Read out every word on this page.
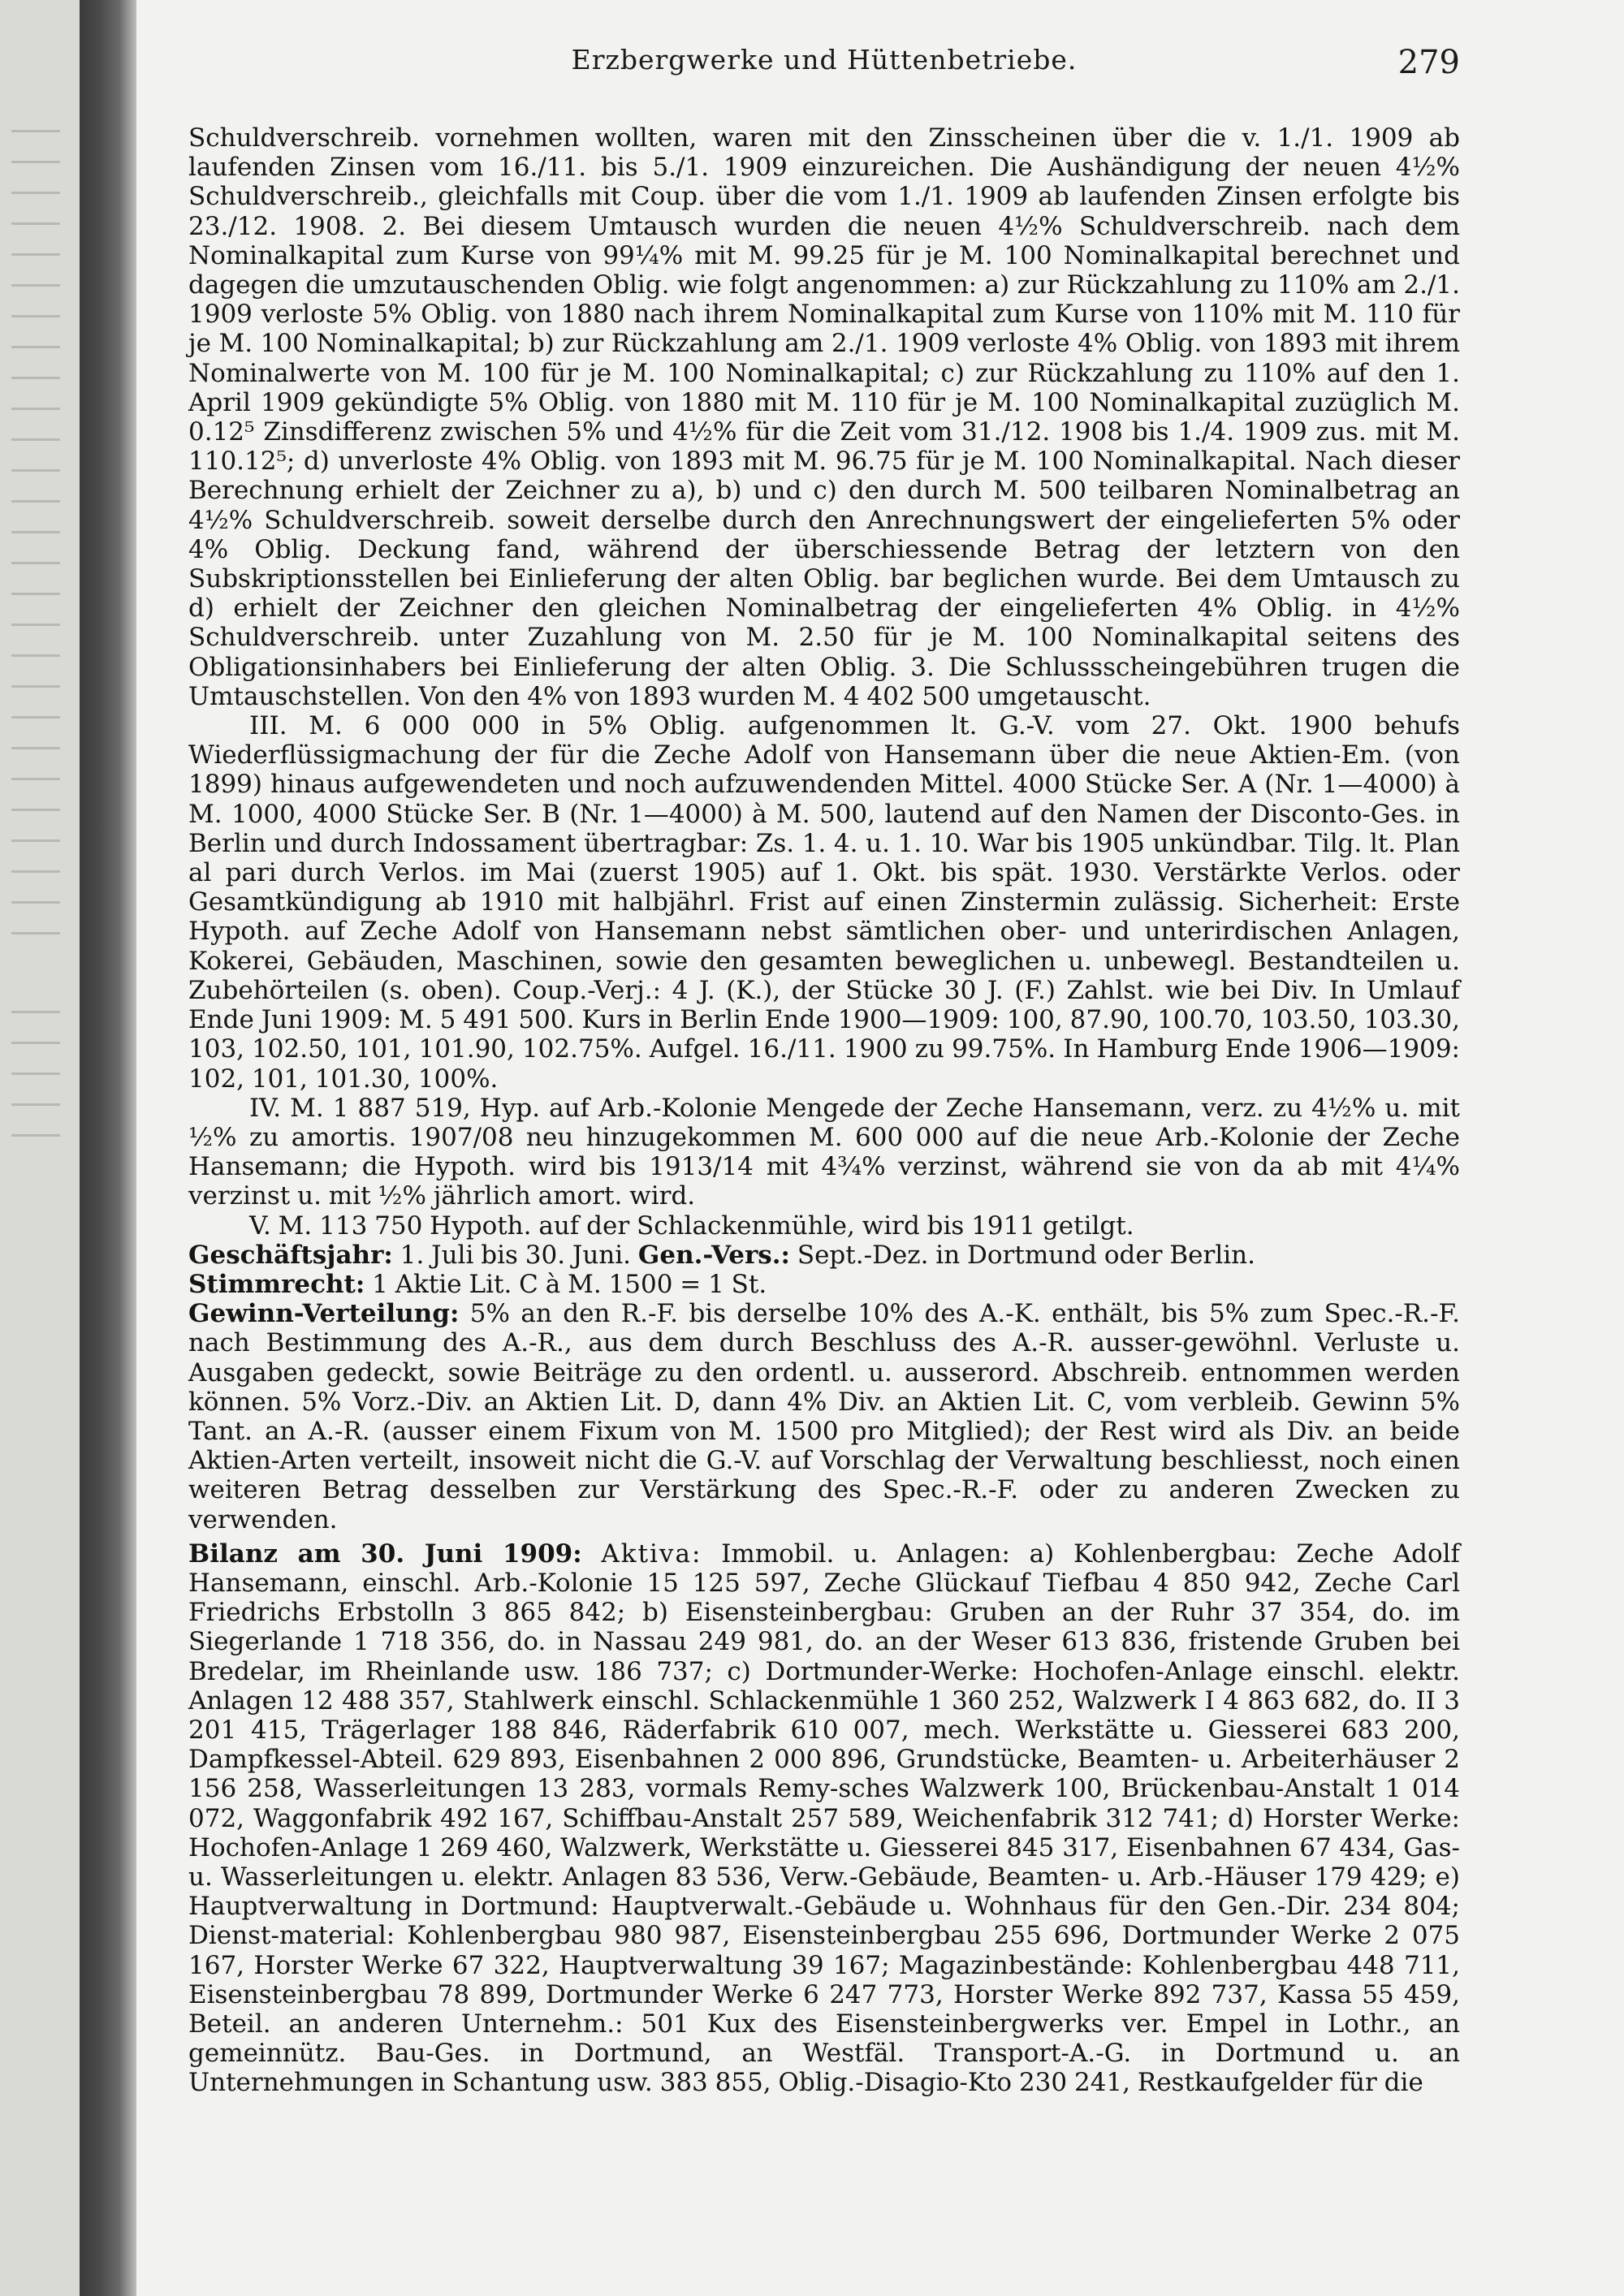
Erzbergwerke und Hüttenbetriebe.	279

Schuldverschreib. vornehmen wollten, waren mit den Zinsscheinen über die v. 1./1. 1909 ab laufenden Zinsen vom 16./11. bis 5./1. 1909 einzureichen. Die Aushändigung der neuen 4½% Schuldverschreib., gleichfalls mit Coup. über die vom 1./1. 1909 ab laufenden Zinsen erfolgte bis 23./12. 1908. 2. Bei diesem Umtausch wurden die neuen 4½% Schuldverschreib. nach dem Nominalkapital zum Kurse von 99¼% mit M. 99.25 für je M. 100 Nominalkapital berechnet und dagegen die umzutauschenden Oblig. wie folgt angenommen: a) zur Rückzahlung zu 110% am 2./1. 1909 verloste 5% Oblig. von 1880 nach ihrem Nominalkapital zum Kurse von 110% mit M. 110 für je M. 100 Nominalkapital; b) zur Rückzahlung am 2./1. 1909 verloste 4% Oblig. von 1893 mit ihrem Nominalwerte von M. 100 für je M. 100 Nominalkapital; c) zur Rückzahlung zu 110% auf den 1. April 1909 gekündigte 5% Oblig. von 1880 mit M. 110 für je M. 100 Nominalkapital zuzüglich M. 0.12⁵ Zinsdifferenz zwischen 5% und 4½% für die Zeit vom 31./12. 1908 bis 1./4. 1909 zus. mit M. 110.12⁵; d) unverloste 4% Oblig. von 1893 mit M. 96.75 für je M. 100 Nominalkapital. Nach dieser Berechnung erhielt der Zeichner zu a), b) und c) den durch M. 500 teilbaren Nominalbetrag an 4½% Schuldverschreib. soweit derselbe durch den Anrechnungswert der eingelieferten 5% oder 4% Oblig. Deckung fand, während der überschiessende Betrag der letztern von den Subskriptionsstellen bei Einlieferung der alten Oblig. bar beglichen wurde. Bei dem Umtausch zu d) erhielt der Zeichner den gleichen Nominalbetrag der eingelieferten 4% Oblig. in 4½% Schuldverschreib. unter Zuzahlung von M. 2.50 für je M. 100 Nominalkapital seitens des Obligationsinhabers bei Einlieferung der alten Oblig. 3. Die Schlussscheingebühren trugen die Umtauschstellen. Von den 4% von 1893 wurden M. 4 402 500 umgetauscht.

III. M. 6 000 000 in 5% Oblig. aufgenommen lt. G.-V. vom 27. Okt. 1900 behufs Wiederflüssigmachung der für die Zeche Adolf von Hansemann über die neue Aktien-Em. (von 1899) hinaus aufgewendeten und noch aufzuwendenden Mittel. 4000 Stücke Ser. A (Nr. 1—4000) à M. 1000, 4000 Stücke Ser. B (Nr. 1—4000) à M. 500, lautend auf den Namen der Disconto-Ges. in Berlin und durch Indossament übertragbar: Zs. 1. 4. u. 1. 10. War bis 1905 unkündbar. Tilg. lt. Plan al pari durch Verlos. im Mai (zuerst 1905) auf 1. Okt. bis spät. 1930. Verstärkte Verlos. oder Gesamtkündigung ab 1910 mit halbjährl. Frist auf einen Zinstermin zulässig. Sicherheit: Erste Hypoth. auf Zeche Adolf von Hansemann nebst sämtlichen ober- und unterirdischen Anlagen, Kokerei, Gebäuden, Maschinen, sowie den gesamten beweglichen u. unbewegl. Bestandteilen u. Zubehörteilen (s. oben). Coup.-Verj.: 4 J. (K.), der Stücke 30 J. (F.) Zahlst. wie bei Div. In Umlauf Ende Juni 1909: M. 5 491 500. Kurs in Berlin Ende 1900—1909: 100, 87.90, 100.70, 103.50, 103.30, 103, 102.50, 101, 101.90, 102.75%. Aufgel. 16./11. 1900 zu 99.75%. In Hamburg Ende 1906—1909: 102, 101, 101.30, 100%.

IV. M. 1 887 519, Hyp. auf Arb.-Kolonie Mengede der Zeche Hansemann, verz. zu 4½% u. mit ½% zu amortis. 1907/08 neu hinzugekommen M. 600 000 auf die neue Arb.-Kolonie der Zeche Hansemann; die Hypoth. wird bis 1913/14 mit 4¾% verzinst, während sie von da ab mit 4¼% verzinst u. mit ½% jährlich amort. wird.

V. M. 113 750 Hypoth. auf der Schlackenmühle, wird bis 1911 getilgt.

Geschäftsjahr: 1. Juli bis 30. Juni. Gen.-Vers.: Sept.-Dez. in Dortmund oder Berlin.

Stimmrecht: 1 Aktie Lit. C à M. 1500 = 1 St.

Gewinn-Verteilung: 5% an den R.-F. bis derselbe 10% des A.-K. enthält, bis 5% zum Spec.-R.-F. nach Bestimmung des A.-R., aus dem durch Beschluss des A.-R. ausser-gewöhnl. Verluste u. Ausgaben gedeckt, sowie Beiträge zu den ordentl. u. ausserord. Abschreib. entnommen werden können. 5% Vorz.-Div. an Aktien Lit. D, dann 4% Div. an Aktien Lit. C, vom verbleib. Gewinn 5% Tant. an A.-R. (ausser einem Fixum von M. 1500 pro Mitglied); der Rest wird als Div. an beide Aktien-Arten verteilt, insoweit nicht die G.-V. auf Vorschlag der Verwaltung beschliesst, noch einen weiteren Betrag desselben zur Verstärkung des Spec.-R.-F. oder zu anderen Zwecken zu verwenden.

Bilanz am 30. Juni 1909: Aktiva: Immobil. u. Anlagen: a) Kohlenbergbau: Zeche Adolf Hansemann, einschl. Arb.-Kolonie 15 125 597, Zeche Glückauf Tiefbau 4 850 942, Zeche Carl Friedrichs Erbstolln 3 865 842; b) Eisensteinbergbau: Gruben an der Ruhr 37 354, do. im Siegerlande 1 718 356, do. in Nassau 249 981, do. an der Weser 613 836, fristende Gruben bei Bredelar, im Rheinlande usw. 186 737; c) Dortmunder-Werke: Hochofen-Anlage einschl. elektr. Anlagen 12 488 357, Stahlwerk einschl. Schlackenmühle 1 360 252, Walzwerk I 4 863 682, do. II 3 201 415, Trägerlager 188 846, Räderfabrik 610 007, mech. Werkstätte u. Giesserei 683 200, Dampfkessel-Abteil. 629 893, Eisenbahnen 2 000 896, Grundstücke, Beamten- u. Arbeiterhäuser 2 156 258, Wasserleitungen 13 283, vormals Remy-sches Walzwerk 100, Brückenbau-Anstalt 1 014 072, Waggonfabrik 492 167, Schiffbau-Anstalt 257 589, Weichenfabrik 312 741; d) Horster Werke: Hochofen-Anlage 1 269 460, Walzwerk, Werkstätte u. Giesserei 845 317, Eisenbahnen 67 434, Gas- u. Wasserleitungen u. elektr. Anlagen 83 536, Verw.-Gebäude, Beamten- u. Arb.-Häuser 179 429; e) Hauptverwaltung in Dortmund: Hauptverwalt.-Gebäude u. Wohnhaus für den Gen.-Dir. 234 804; Dienst-material: Kohlenbergbau 980 987, Eisensteinbergbau 255 696, Dortmunder Werke 2 075 167, Horster Werke 67 322, Hauptverwaltung 39 167; Magazinbestände: Kohlenbergbau 448 711, Eisensteinbergbau 78 899, Dortmunder Werke 6 247 773, Horster Werke 892 737, Kassa 55 459, Beteil. an anderen Unternehm.: 501 Kux des Eisensteinbergwerks ver. Empel in Lothr., an gemeinnütz. Bau-Ges. in Dortmund, an Westfäl. Transport-A.-G. in Dortmund u. an Unternehmungen in Schantung usw. 383 855, Oblig.-Disagio-Kto 230 241, Restkaufgelder für die
